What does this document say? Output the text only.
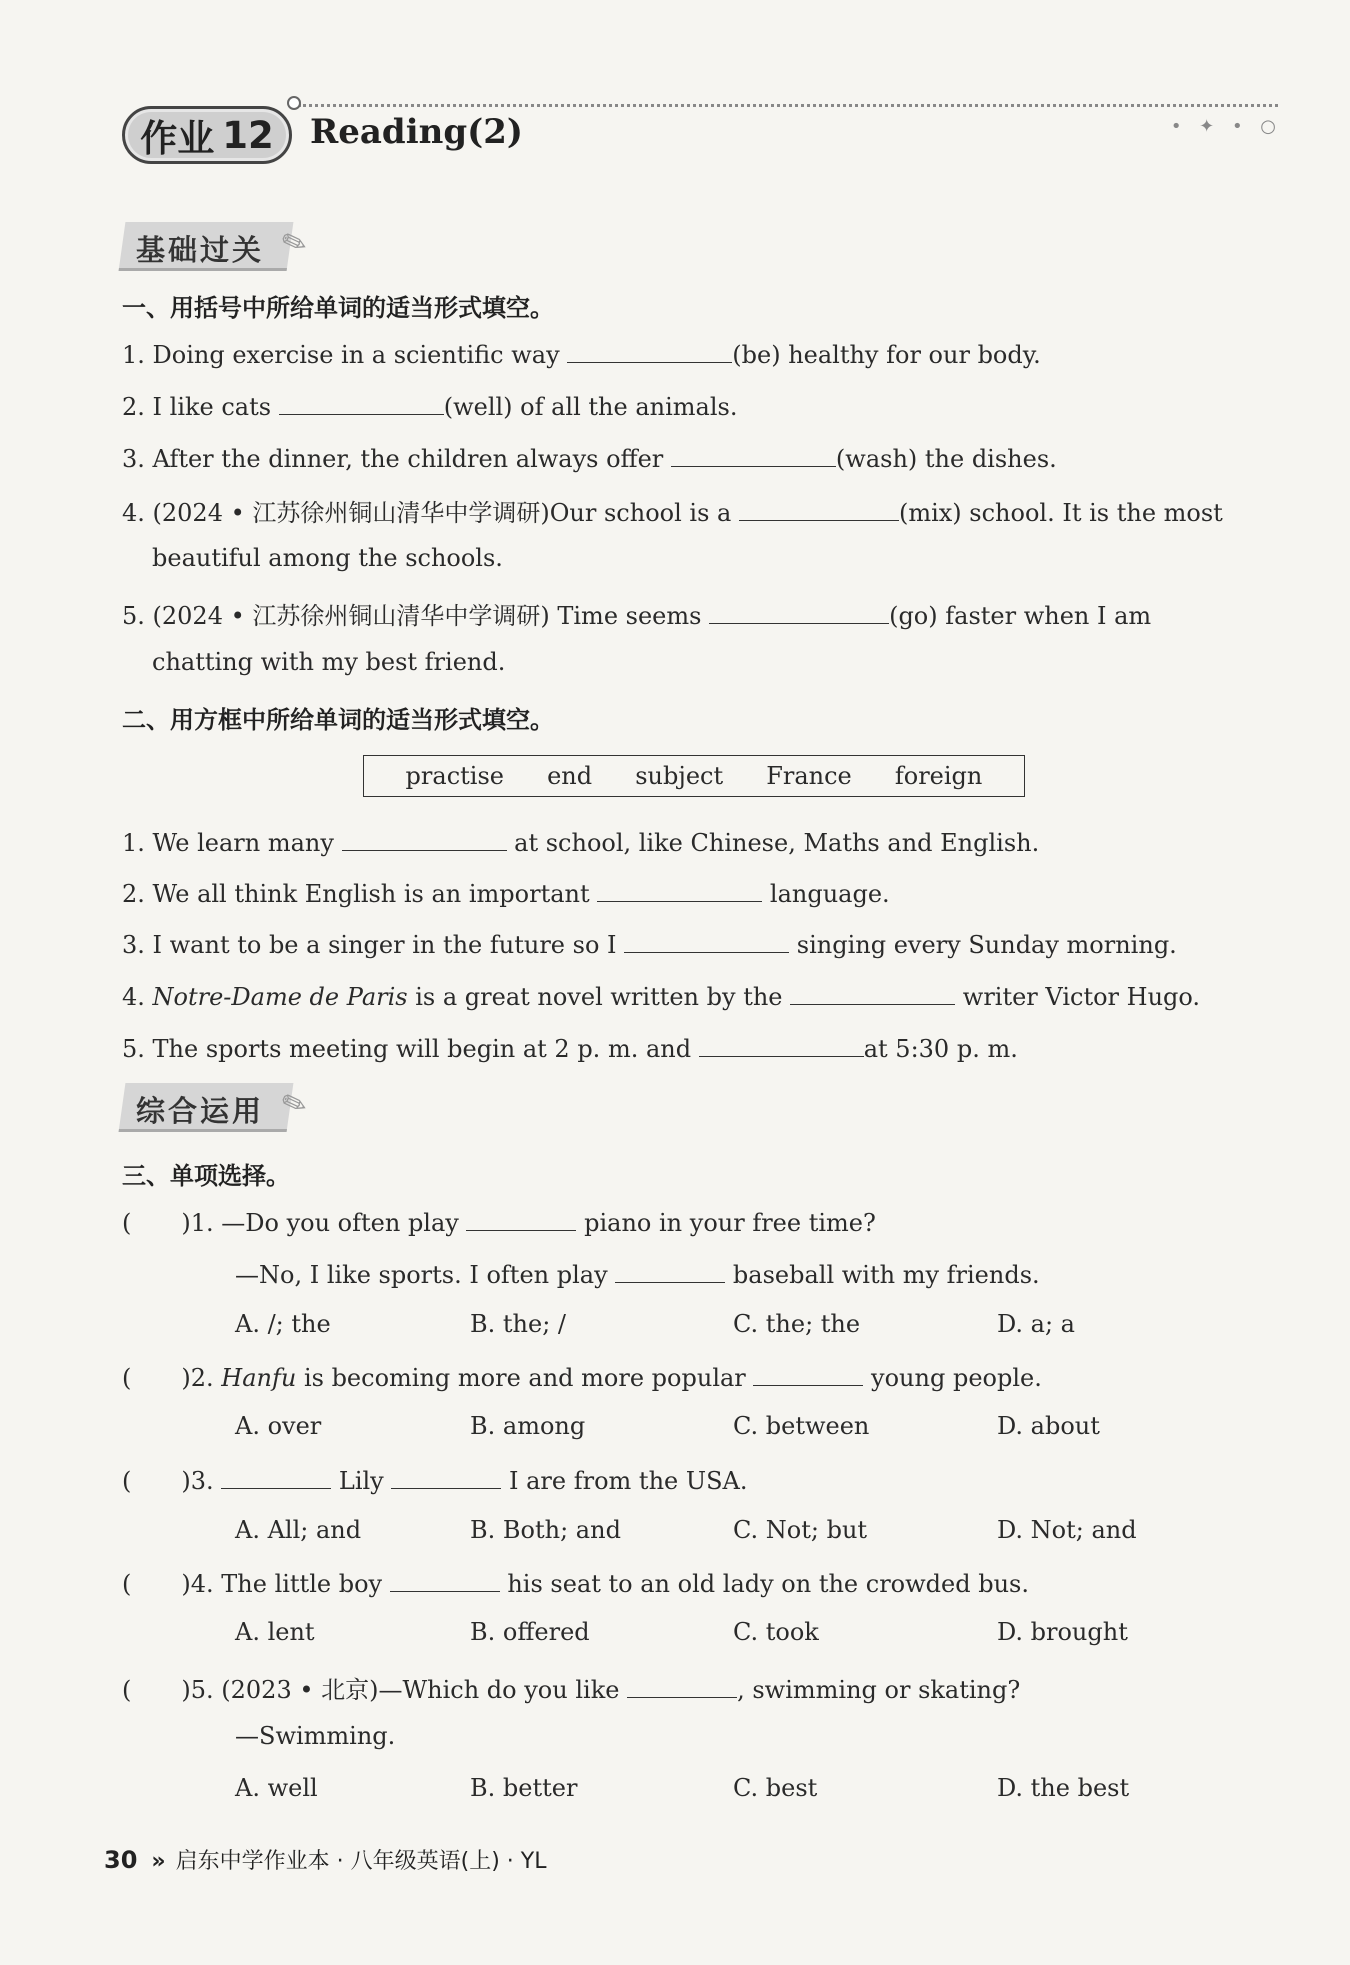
作业 12 Reading(2)	• ✦ • ○
基础过关 ✎
一、用括号中所给单词的适当形式填空。
1. Doing exercise in a scientific way	(be) healthy for our body.
2. I like cats	(well) of all the animals.
3. After the dinner, the children always offer	(wash) the dishes.
4. (2024 • 江苏徐州铜山清华中学调研)Our school is a	(mix) school. It is the most
beautiful among the schools.
5. (2024 • 江苏徐州铜山清华中学调研) Time seems	(go) faster when I am
chatting with my best friend.
二、用方框中所给单词的适当形式填空。
practise end subject France foreign
1. We learn many	at school, like Chinese, Maths and English.
2. We all think English is an important	language.
3. I want to be a singer in the future so I	singing every Sunday morning.
4. Notre-Dame de Paris is a great novel written by the	writer Victor Hugo.
5. The sports meeting will begin at 2 p. m. and	at 5:30 p. m.
综合运用 ✎
三、单项选择。
( )1. —Do you often play	piano in your free time?
—No, I like sports. I often play	baseball with my friends.
A. /; the	B. the; /	C. the; the	D. a; a
( )2. Hanfu is becoming more and more popular	young people.
A. over	B. among	C. between	D. about
( )3.	Lily	I are from the USA.
A. All; and	B. Both; and	C. Not; but	D. Not; and
( )4. The little boy	his seat to an old lady on the crowded bus.
A. lent	B. offered	C. took	D. brought
( )5. (2023 • 北京)—Which do you like	, swimming or skating?
—Swimming.
A. well	B. better	C. best	D. the best
30 » 启东中学作业本 · 八年级英语(上) · YL
